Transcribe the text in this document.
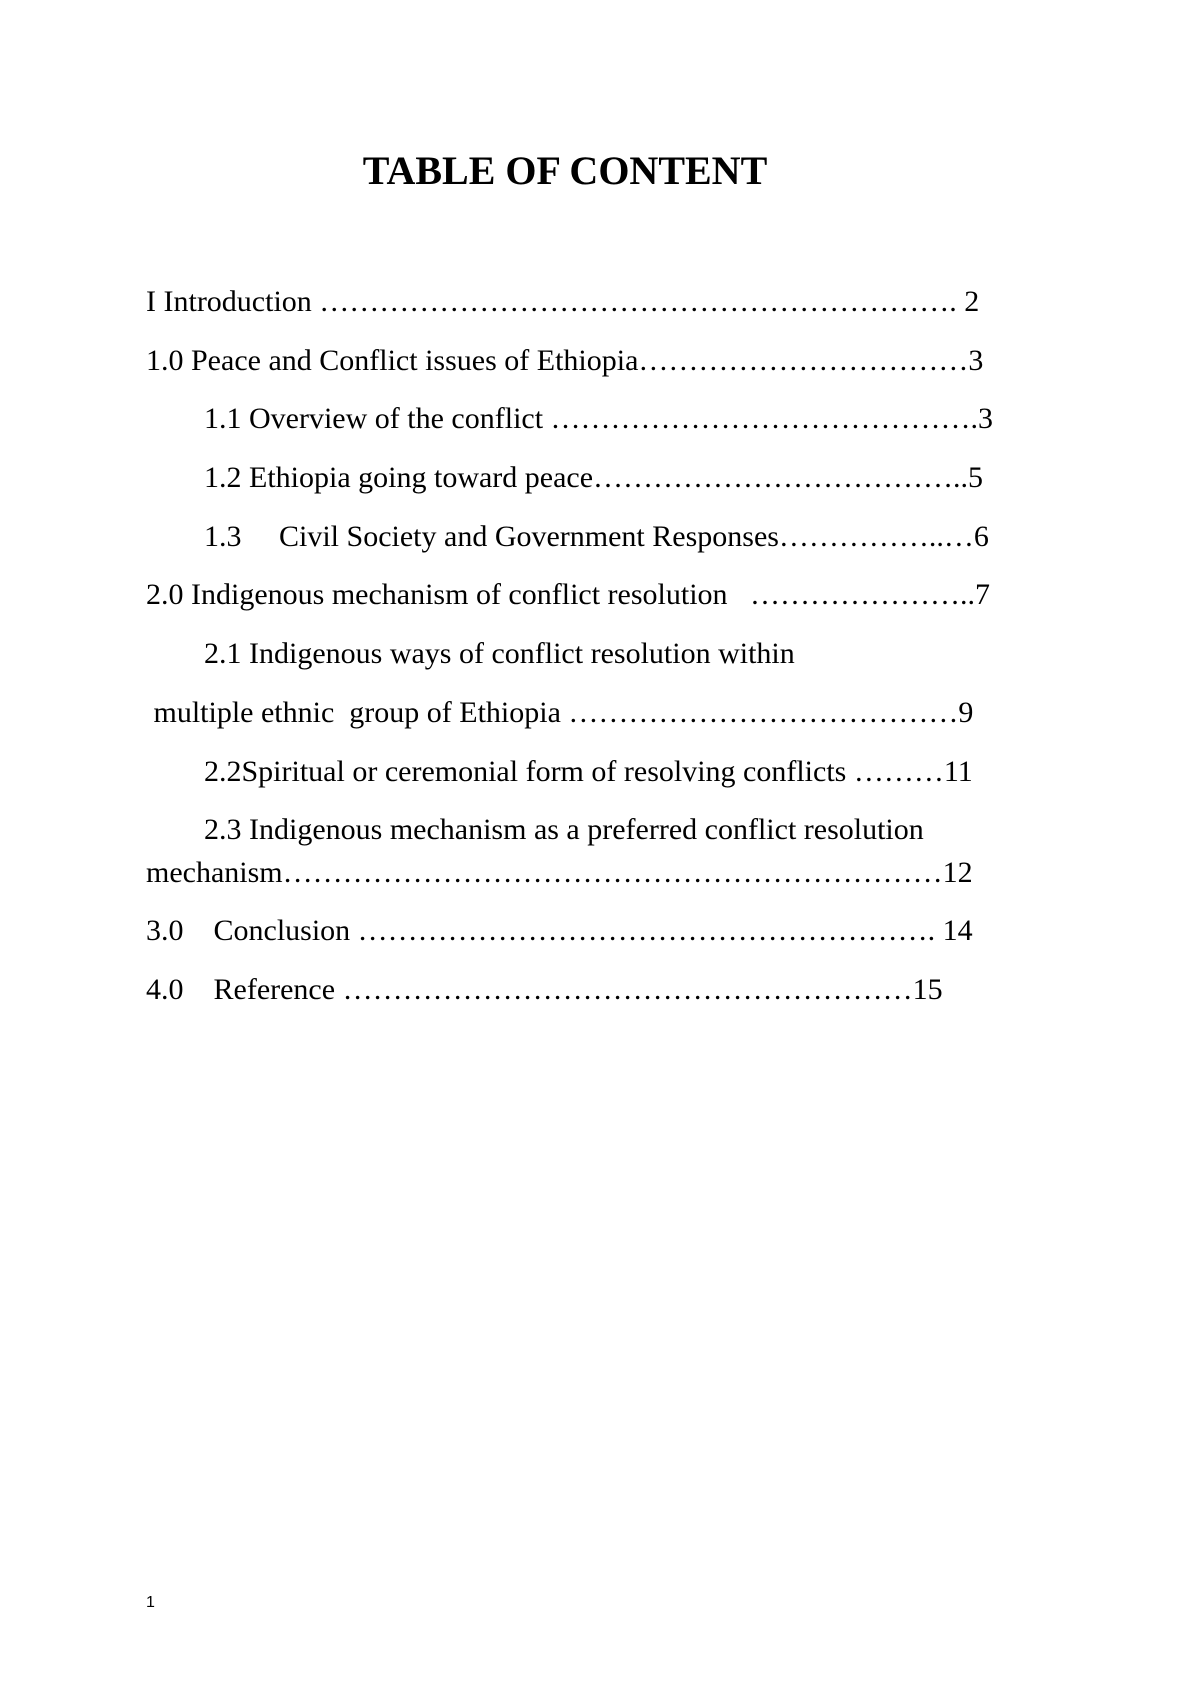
TABLE OF CONTENT
I Introduction ………………………………………………………. 2
1.0 Peace and Conflict issues of Ethiopia……………………………3
1.1 Overview of the conflict …………………………………….3
1.2 Ethiopia going toward peace………………………………..5
1.3     Civil Society and Government Responses……………..…6
2.0 Indigenous mechanism of conflict resolution   …………………..7
2.1 Indigenous ways of conflict resolution within
multiple ethnic  group of Ethiopia …………………………………9
2.2Spiritual or ceremonial form of resolving conflicts ………11
2.3 Indigenous mechanism as a preferred conflict resolution
mechanism…………………………………………………………12
3.0    Conclusion …………………………………………………. 14
4.0    Reference …………………………………………………15
1
